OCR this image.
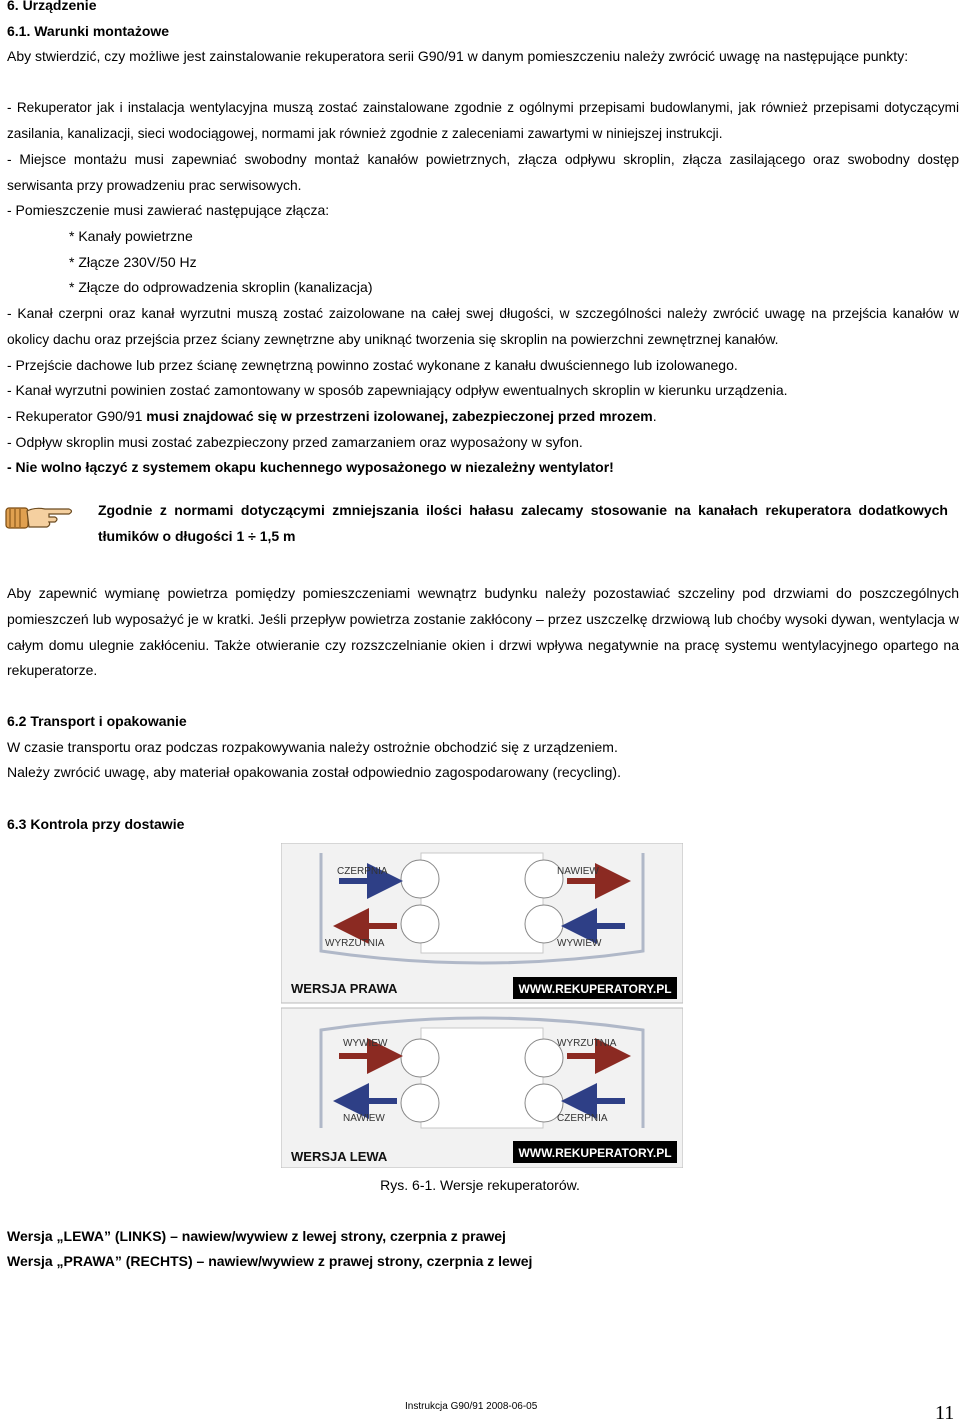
6. Urządzenie
6.1. Warunki montażowe
Aby stwierdzić, czy możliwe jest zainstalowanie rekuperatora serii G90/91 w danym pomieszczeniu należy zwrócić uwagę na następujące punkty:
- Rekuperator jak i instalacja wentylacyjna muszą zostać zainstalowane zgodnie z ogólnymi przepisami budowlanymi, jak również przepisami dotyczącymi zasilania, kanalizacji, sieci wodociągowej, normami jak również zgodnie z zaleceniami zawartymi w niniejszej instrukcji.
- Miejsce montażu musi zapewniać swobodny montaż kanałów powietrznych, złącza odpływu skroplin, złącza zasilającego oraz swobodny dostęp serwisanta przy prowadzeniu prac serwisowych.
- Pomieszczenie musi zawierać następujące złącza:
* Kanały powietrzne
* Złącze 230V/50 Hz
* Złącze do odprowadzenia skroplin (kanalizacja)
- Kanał czerpni oraz kanał wyrzutni muszą zostać zaizolowane na całej swej długości, w szczególności należy zwrócić uwagę na przejścia kanałów w okolicy dachu oraz przejścia przez ściany zewnętrzne aby uniknąć tworzenia się skroplin na powierzchni zewnętrznej kanałów.
- Przejście dachowe lub przez ścianę zewnętrzną powinno zostać wykonane z kanału dwuściennego lub izolowanego.
- Kanał wyrzutni powinien zostać zamontowany w sposób zapewniający odpływ ewentualnych skroplin w kierunku urządzenia.
- Rekuperator G90/91 musi znajdować się w przestrzeni izolowanej, zabezpieczonej przed mrozem.
- Odpływ skroplin musi zostać zabezpieczony przed zamarzaniem oraz wyposażony w syfon.
- Nie wolno łączyć z systemem okapu kuchennego wyposażonego w niezależny wentylator!
Zgodnie z normami dotyczącymi zmniejszania ilości hałasu zalecamy stosowanie na kanałach rekuperatora dodatkowych tłumików o długości 1 ÷ 1,5 m
Aby zapewnić wymianę powietrza pomiędzy pomieszczeniami wewnątrz budynku należy pozostawiać szczeliny pod drzwiami do poszczególnych pomieszczeń lub wyposażyć je w kratki. Jeśli przepływ powietrza zostanie zakłócony – przez uszczelkę drzwiową lub choćby wysoki dywan, wentylacja w całym domu ulegnie zakłóceniu. Także otwieranie czy rozszczelnianie okien i drzwi wpływa negatywnie na pracę systemu wentylacyjnego opartego na rekuperatorze.
6.2 Transport i opakowanie
W czasie transportu oraz podczas rozpakowywania należy ostrożnie obchodzić się z urządzeniem.
Należy zwrócić uwagę, aby materiał opakowania został odpowiednio zagospodarowany (recycling).
6.3 Kontrola przy dostawie
CZERPNIA	NAWIEW
WYRZUTNIA	WYWIEW
WERSJA PRAWA	WWW.REKUPERATORY.PL
WYWIEW	WYRZUTNIA
NAWIEW	CZERPNIA
WERSJA LEWA	WWW.REKUPERATORY.PL
Rys. 6-1. Wersje rekuperatorów.
Wersja „LEWA” (LINKS) – nawiew/wywiew z lewej strony, czerpnia z prawej
Wersja „PRAWA” (RECHTS) – nawiew/wywiew z prawej strony, czerpnia z lewej
Instrukcja G90/91 2008-06-05	11
